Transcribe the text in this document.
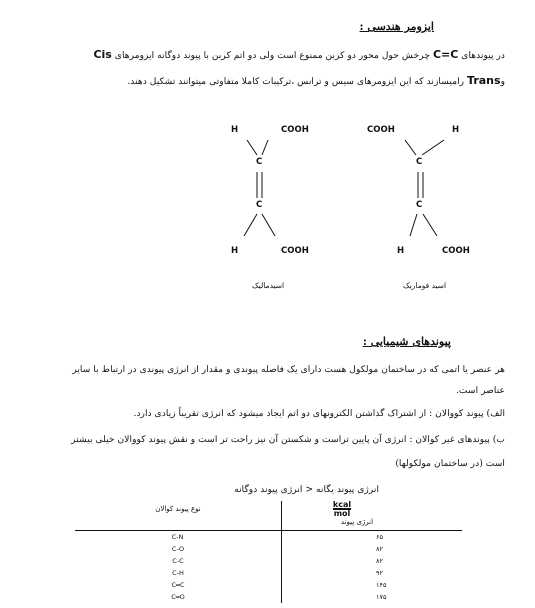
ایزومر هندسی :
در پیوندهای C=C چرخش حول محور دو کربن ممنوع است ولی دو اتم کربن با پیوند دوگانه ایزومرهای Cis
وTrans رامیسازند که این ایزومرهای سیس و ترانس ،ترکیبات کاملا متفاوتی میتوانند تشکیل دهند.
H	COOH
C
C
H	COOH
اسیدمالیک
COOH	H
C
C
H	COOH
اسید فوماریک
پیوندهای شیمیایی :
هر عنصر یا اتمی که در ساختمان مولکول هست دارای یک فاصله پیوندی و مقدار از انرژی پیوندی در ارتباط با سایر
عناصر است.
الف) پیوند کووالان : از اشتراک گذاشتن الکترونهای دو اتم ایجاد میشود که انرژی تقریباً زیادی دارد.
ب) پیوندهای غیر کوالان : انرژی آن پایین تراست و شکستن آن نیز راحت تر است و نقش پیوند کووالان خیلی بیشتر
است (در ساختمان مولکولها)
انرژی پیوند یگانه < انرژی پیوند دوگانه
نوع پیوند کوالان	$\frac{\text{kcal}}{\text{mol}}$
انرژی پیوند

C-N	۶۵
C-O	۸۲
C-C	۸۲
C-H	۹۲
C═C	۱۴۵
C═O	۱۷۵
